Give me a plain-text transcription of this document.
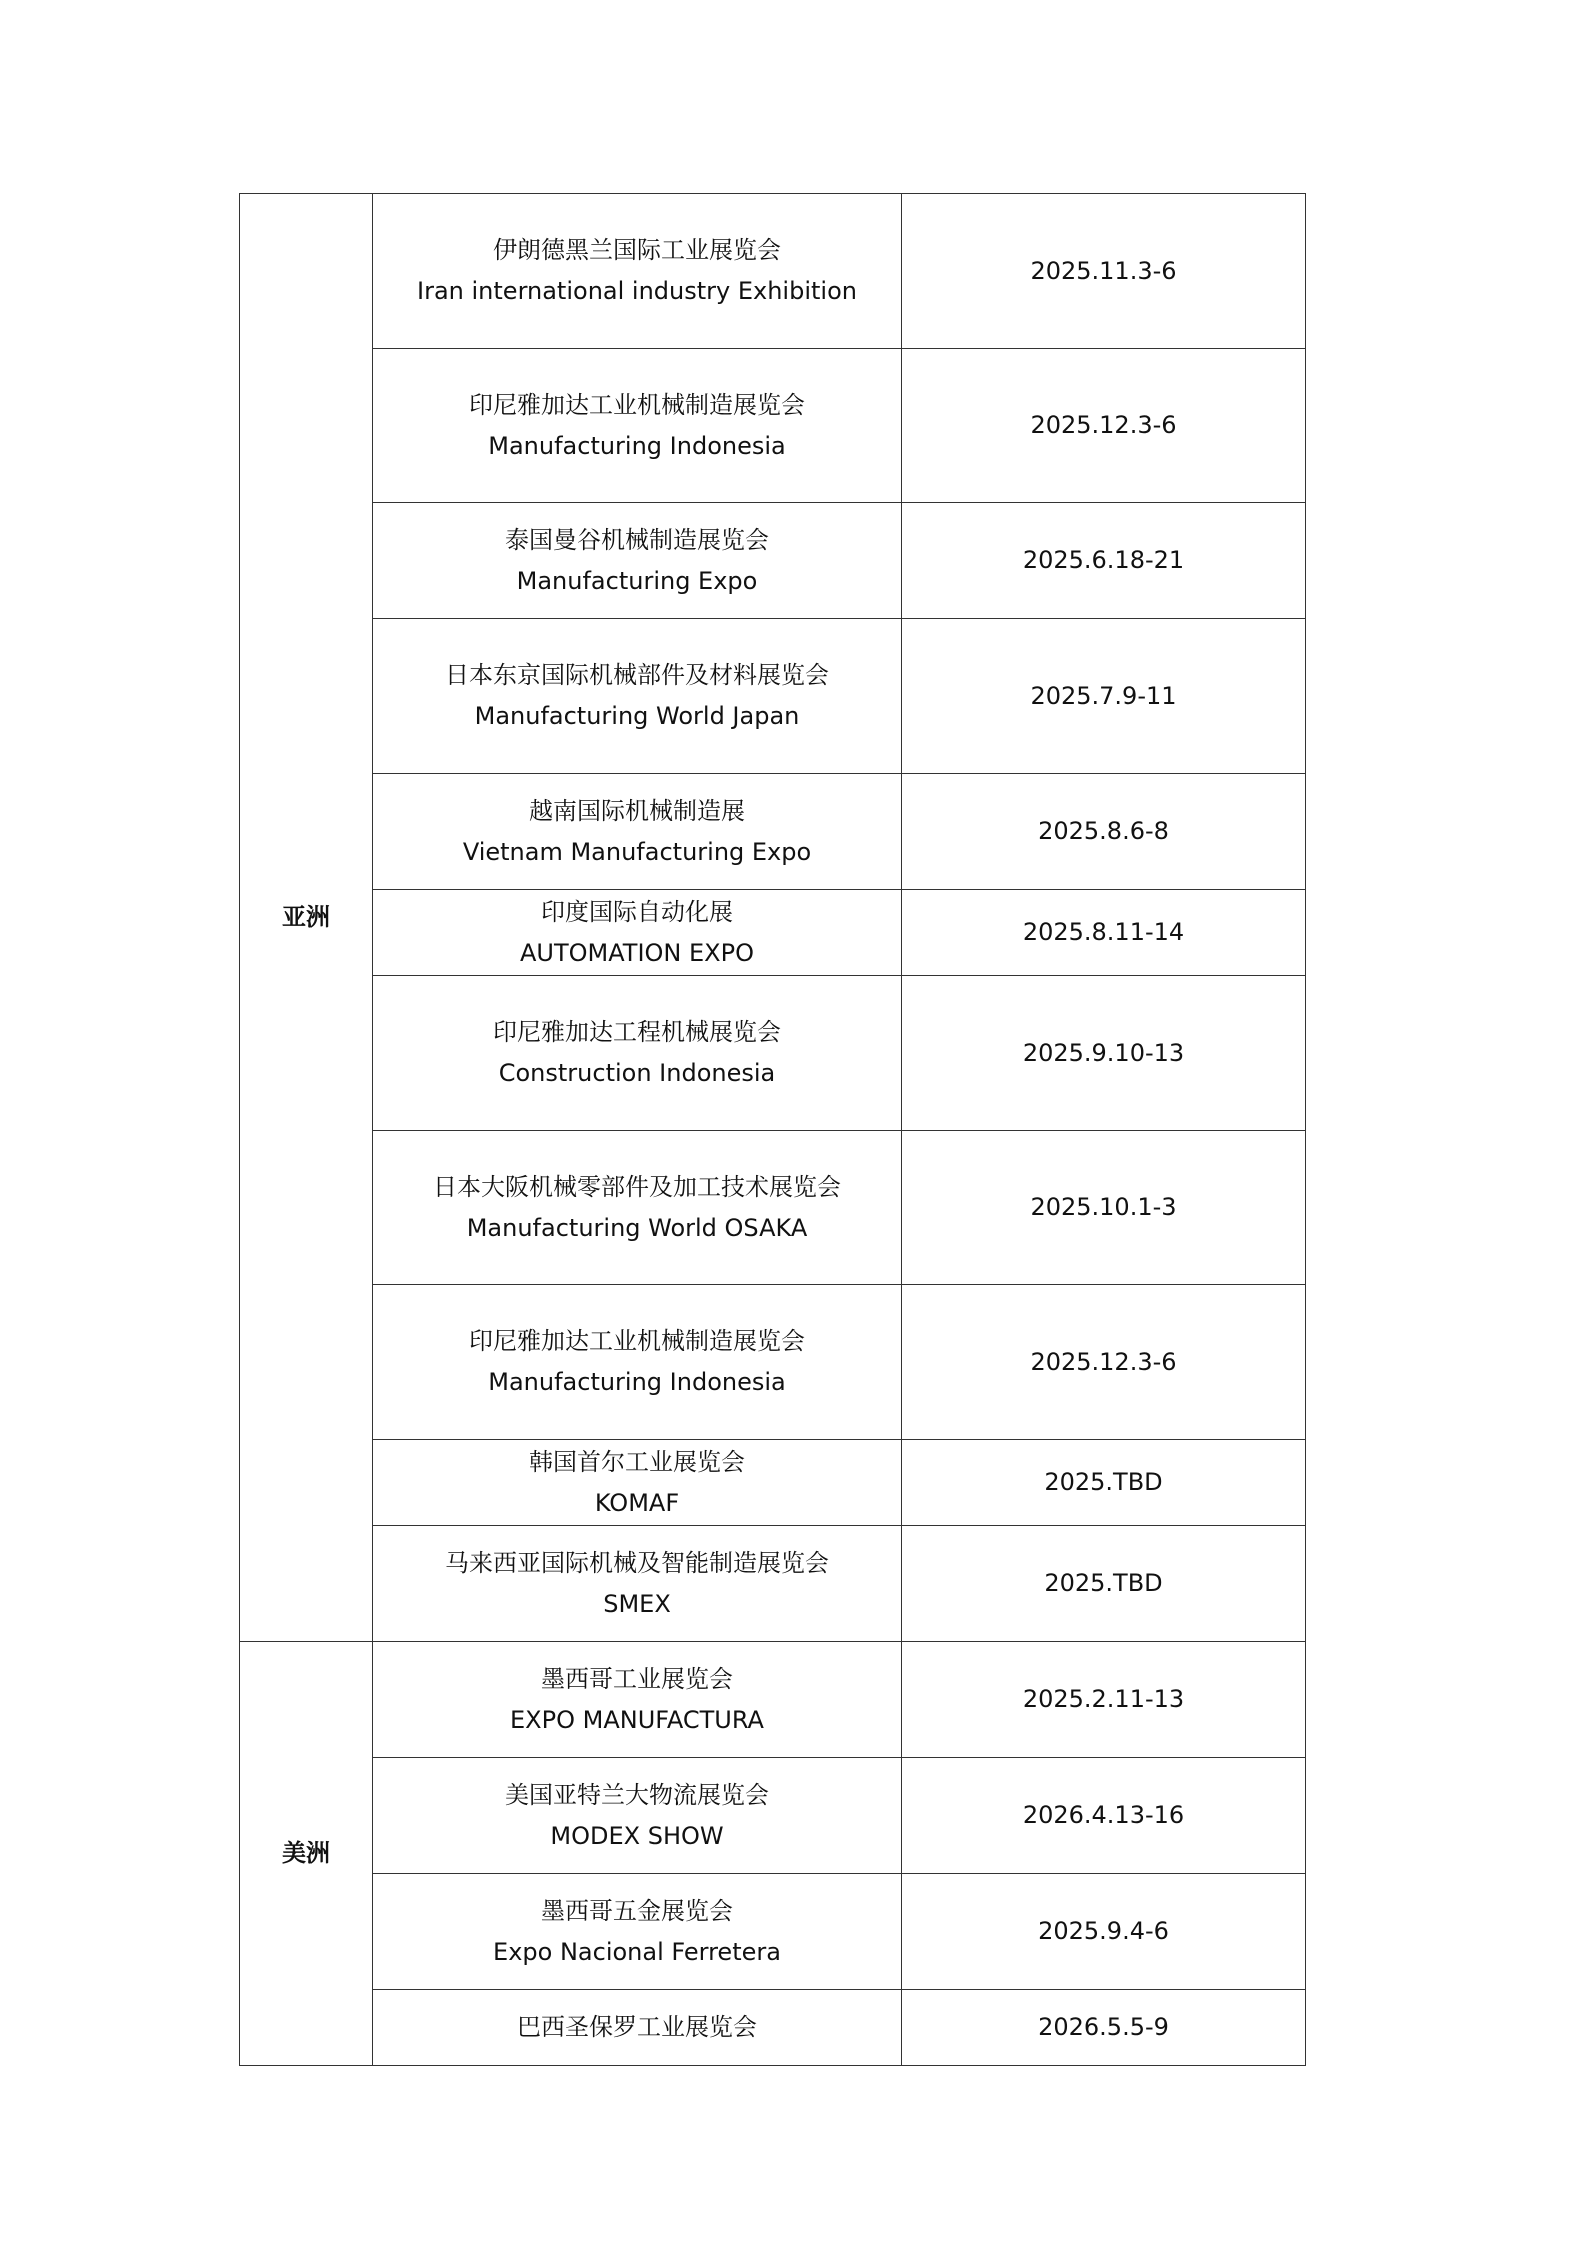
亚洲	伊朗德黑兰国际工业展览会
Iran international industry Exhibition	2025.11.3-6

	印尼雅加达工业机械制造展览会
Manufacturing Indonesia	2025.12.3-6

	泰国曼谷机械制造展览会
Manufacturing Expo	2025.6.18-21

	日本东京国际机械部件及材料展览会
Manufacturing World Japan	2025.7.9-11

	越南国际机械制造展
Vietnam Manufacturing Expo	2025.8.6-8

	印度国际自动化展
AUTOMATION EXPO	2025.8.11-14

	印尼雅加达工程机械展览会
Construction Indonesia	2025.9.10-13

	日本大阪机械零部件及加工技术展览会
Manufacturing World OSAKA	2025.10.1-3

	印尼雅加达工业机械制造展览会
Manufacturing Indonesia	2025.12.3-6

	韩国首尔工业展览会
KOMAF	2025.TBD

	马来西亚国际机械及智能制造展览会
SMEX	2025.TBD
美洲	墨西哥工业展览会
EXPO MANUFACTURA	2025.2.11-13

	美国亚特兰大物流展览会
MODEX SHOW	2026.4.13-16

	墨西哥五金展览会
Expo Nacional Ferretera	2025.9.4-6

	巴西圣保罗工业展览会	2026.5.5-9
